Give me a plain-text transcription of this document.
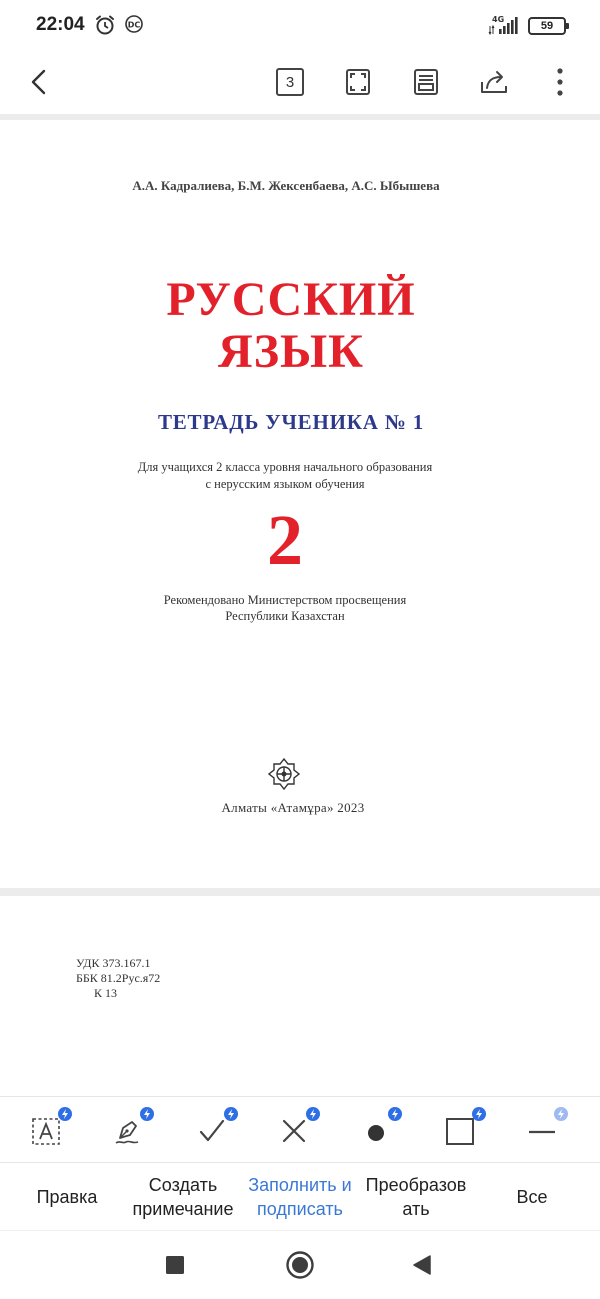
22:04	DC
4G
59
3
А.А. Кадралиева, Б.М. Жексенбаева, А.С. Ыбышева
РУССКИЙ
ЯЗЫК
ТЕТРАДЬ УЧЕНИКА № 1
Для учащихся 2 класса уровня начального образования
с нерусским языком обучения
2
Рекомендовано Министерством просвещения
Республики Казахстан
Алматы «Атамұра» 2023
УДК 373.167.1
ББК 81.2Рус.я72
К 13
Правка
Создать
примечание
Заполнить и
подписать
Преобразов
ать
Все
